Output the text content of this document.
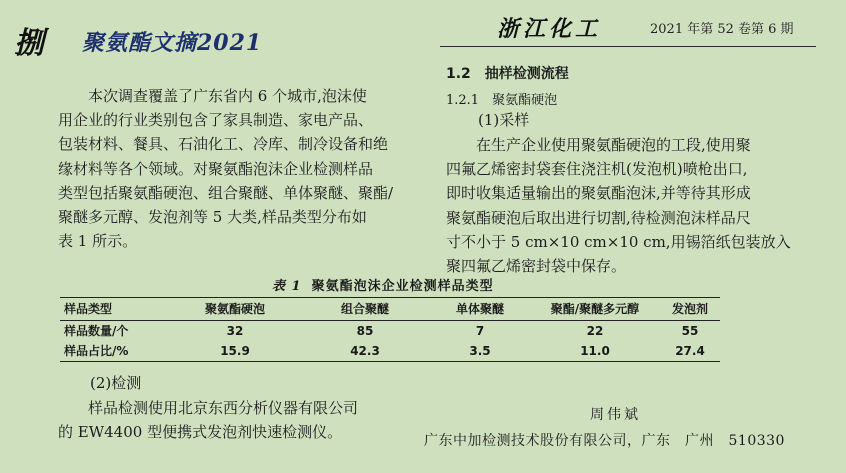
捌 聚氨酯文摘2021
浙江化工	2021 年第 52 卷第 6 期
本次调查覆盖了广东省内 6 个城市,泡沫使
用企业的行业类别包含了家具制造、家电产品、
包装材料、餐具、石油化工、冷库、制冷设备和绝
缘材料等各个领域。对聚氨酯泡沫企业检测样品
类型包括聚氨酯硬泡、组合聚醚、单体聚醚、聚酯/
聚醚多元醇、发泡剂等 5 大类,样品类型分布如
表 1 所示。
1.2　抽样检测流程
1.2.1　聚氨酯硬泡
(1)采样
在生产企业使用聚氨酯硬泡的工段,使用聚
四氟乙烯密封袋套住浇注机(发泡机)喷枪出口,
即时收集适量输出的聚氨酯泡沫,并等待其形成
聚氨酯硬泡后取出进行切割,待检测泡沫样品尺
寸不小于 5 cm×10 cm×10 cm,用锡箔纸包装放入
聚四氟乙烯密封袋中保存。
表 1 聚氨酯泡沫企业检测样品类型
样品类型	聚氨酯硬泡	组合聚醚	单体聚醚	聚酯/聚醚多元醇	发泡剂
样品数量/个	32	85	7	22	55
样品占比/%	15.9	42.3	3.5	11.0	27.4
(2)检测
样品检测使用北京东西分析仪器有限公司
的 EW4400 型便携式发泡剂快速检测仪。
周伟斌
广东中加检测技术股份有限公司，广东　广州　510330
